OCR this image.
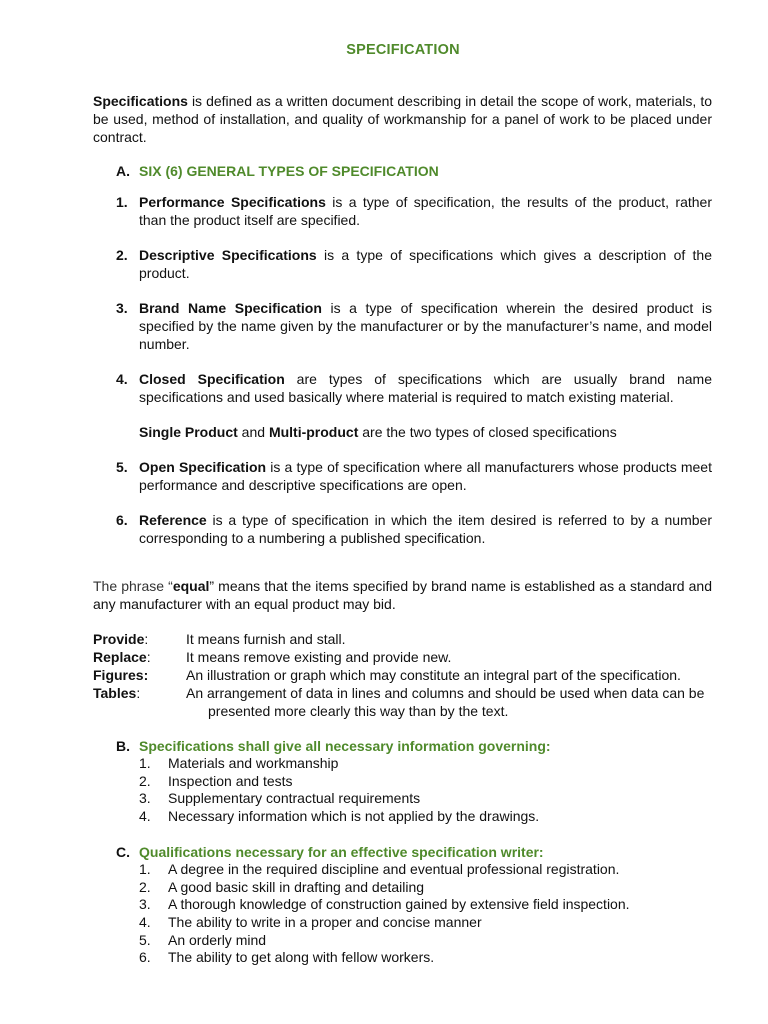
SPECIFICATION

Specifications is defined as a written document describing in detail the scope of work, materials, to be used, method of installation, and quality of workmanship for a panel of work to be placed under contract.

A. SIX (6) GENERAL TYPES OF SPECIFICATION
1. Performance Specifications is a type of specification, the results of the product, rather than the product itself are specified.
2. Descriptive Specifications is a type of specifications which gives a description of the product.
3. Brand Name Specification is a type of specification wherein the desired product is specified by the name given by the manufacturer or by the manufacturer’s name, and model number.
4. Closed Specification are types of specifications which are usually brand name specifications and used basically where material is required to match existing material.

Single Product and Multi-product are the two types of closed specifications

5. Open Specification is a type of specification where all manufacturers whose products meet performance and descriptive specifications are open.
6. Reference is a type of specification in which the item desired is referred to by a number corresponding to a numbering a published specification.

The phrase “equal” means that the items specified by brand name is established as a standard and any manufacturer with an equal product may bid.

Provide:	It means furnish and stall.
Replace:	It means remove existing and provide new.
Figures:	An illustration or graph which may constitute an integral part of the specification.
Tables:	An arrangement of data in lines and columns and should be used when data can be
presented more clearly this way than by the text.
B. Specifications shall give all necessary information governing:
1.	Materials and workmanship
2.	Inspection and tests
3.	Supplementary contractual requirements
4.	Necessary information which is not applied by the drawings.
C. Qualifications necessary for an effective specification writer:
1.	A degree in the required discipline and eventual professional registration.
2.	A good basic skill in drafting and detailing
3.	A thorough knowledge of construction gained by extensive field inspection.
4.	The ability to write in a proper and concise manner
5.	An orderly mind
6.	The ability to get along with fellow workers.
